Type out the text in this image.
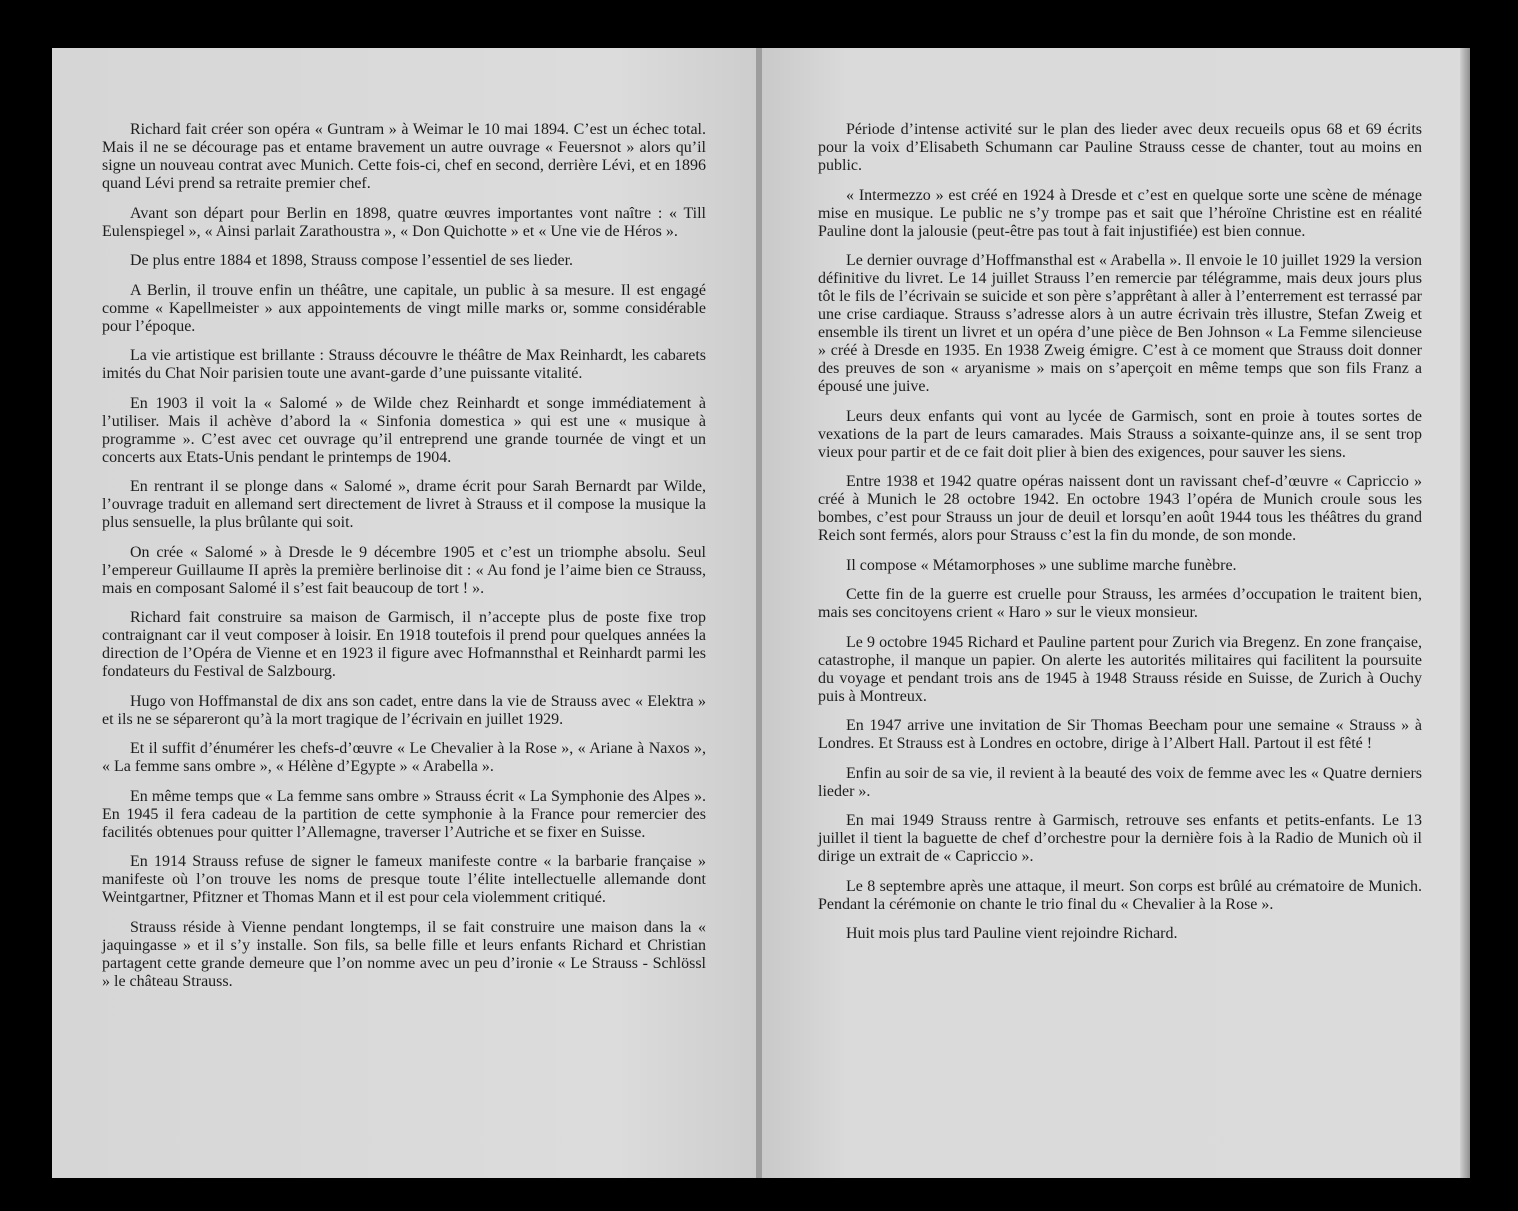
Richard fait créer son opéra « Guntram » à Weimar le 10 mai 1894. C’est un échec total. Mais il ne se décourage pas et entame bravement un autre ouvrage « Feuersnot » alors qu’il signe un nouveau contrat avec Munich. Cette fois-ci, chef en second, derrière Lévi, et en 1896 quand Lévi prend sa retraite premier chef.

Avant son départ pour Berlin en 1898, quatre œuvres importantes vont naître : « Till Eulenspiegel », « Ainsi parlait Zarathoustra », « Don Quichotte » et « Une vie de Héros ».

De plus entre 1884 et 1898, Strauss compose l’essentiel de ses lieder.

A Berlin, il trouve enfin un théâtre, une capitale, un public à sa mesure. Il est engagé comme « Kapellmeister » aux appointements de vingt mille marks or, somme considérable pour l’époque.

La vie artistique est brillante : Strauss découvre le théâtre de Max Reinhardt, les cabarets imités du Chat Noir parisien toute une avant-garde d’une puissante vitalité.

En 1903 il voit la « Salomé » de Wilde chez Reinhardt et songe immédiatement à l’utiliser. Mais il achève d’abord la « Sinfonia domestica » qui est une « musique à programme ». C’est avec cet ouvrage qu’il entreprend une grande tournée de vingt et un concerts aux Etats-Unis pendant le printemps de 1904.

En rentrant il se plonge dans « Salomé », drame écrit pour Sarah Bernardt par Wilde, l’ouvrage traduit en allemand sert directement de livret à Strauss et il compose la musique la plus sensuelle, la plus brûlante qui soit.

On crée « Salomé » à Dresde le 9 décembre 1905 et c’est un triomphe absolu. Seul l’empereur Guillaume II après la première berlinoise dit : « Au fond je l’aime bien ce Strauss, mais en composant Salomé il s’est fait beaucoup de tort ! ».

Richard fait construire sa maison de Garmisch, il n’accepte plus de poste fixe trop contraignant car il veut composer à loisir. En 1918 toutefois il prend pour quelques années la direction de l’Opéra de Vienne et en 1923 il figure avec Hofmannsthal et Reinhardt parmi les fondateurs du Festival de Salzbourg.

Hugo von Hoffmanstal de dix ans son cadet, entre dans la vie de Strauss avec « Elektra » et ils ne se sépareront qu’à la mort tragique de l’écrivain en juillet 1929.

Et il suffit d’énumérer les chefs-d’œuvre « Le Chevalier à la Rose », « Ariane à Naxos », « La femme sans ombre », « Hélène d’Egypte » « Arabella ».

En même temps que « La femme sans ombre » Strauss écrit « La Symphonie des Alpes ». En 1945 il fera cadeau de la partition de cette symphonie à la France pour remercier des facilités obtenues pour quitter l’Allemagne, traverser l’Autriche et se fixer en Suisse.

En 1914 Strauss refuse de signer le fameux manifeste contre « la barbarie française » manifeste où l’on trouve les noms de presque toute l’élite intellectuelle allemande dont Weintgartner, Pfitzner et Thomas Mann et il est pour cela violemment critiqué.

Strauss réside à Vienne pendant longtemps, il se fait construire une maison dans la « jaquingasse » et il s’y installe. Son fils, sa belle fille et leurs enfants Richard et Christian partagent cette grande demeure que l’on nomme avec un peu d’ironie « Le Strauss - Schlössl » le château Strauss.

Période d’intense activité sur le plan des lieder avec deux recueils opus 68 et 69 écrits pour la voix d’Elisabeth Schumann car Pauline Strauss cesse de chanter, tout au moins en public.

« Intermezzo » est créé en 1924 à Dresde et c’est en quelque sorte une scène de ménage mise en musique. Le public ne s’y trompe pas et sait que l’héroïne Christine est en réalité Pauline dont la jalousie (peut-être pas tout à fait injustifiée) est bien connue.

Le dernier ouvrage d’Hoffmansthal est « Arabella ». Il envoie le 10 juillet 1929 la version définitive du livret. Le 14 juillet Strauss l’en remercie par télégramme, mais deux jours plus tôt le fils de l’écrivain se suicide et son père s’apprêtant à aller à l’enterrement est terrassé par une crise cardiaque. Strauss s’adresse alors à un autre écrivain très illustre, Stefan Zweig et ensemble ils tirent un livret et un opéra d’une pièce de Ben Johnson « La Femme silencieuse » créé à Dresde en 1935. En 1938 Zweig émigre. C’est à ce moment que Strauss doit donner des preuves de son « aryanisme » mais on s’aperçoit en même temps que son fils Franz a épousé une juive.

Leurs deux enfants qui vont au lycée de Garmisch, sont en proie à toutes sortes de vexations de la part de leurs camarades. Mais Strauss a soixante-quinze ans, il se sent trop vieux pour partir et de ce fait doit plier à bien des exigences, pour sauver les siens.

Entre 1938 et 1942 quatre opéras naissent dont un ravissant chef-d’œuvre « Capriccio » créé à Munich le 28 octobre 1942. En octobre 1943 l’opéra de Munich croule sous les bombes, c’est pour Strauss un jour de deuil et lorsqu’en août 1944 tous les théâtres du grand Reich sont fermés, alors pour Strauss c’est la fin du monde, de son monde.

Il compose « Métamorphoses » une sublime marche funèbre.

Cette fin de la guerre est cruelle pour Strauss, les armées d’occupation le traitent bien, mais ses concitoyens crient « Haro » sur le vieux monsieur.

Le 9 octobre 1945 Richard et Pauline partent pour Zurich via Bregenz. En zone française, catastrophe, il manque un papier. On alerte les autorités militaires qui facilitent la poursuite du voyage et pendant trois ans de 1945 à 1948 Strauss réside en Suisse, de Zurich à Ouchy puis à Montreux.

En 1947 arrive une invitation de Sir Thomas Beecham pour une semaine « Strauss » à Londres. Et Strauss est à Londres en octobre, dirige à l’Albert Hall. Partout il est fêté !

Enfin au soir de sa vie, il revient à la beauté des voix de femme avec les « Quatre derniers lieder ».

En mai 1949 Strauss rentre à Garmisch, retrouve ses enfants et petits-enfants. Le 13 juillet il tient la baguette de chef d’orchestre pour la dernière fois à la Radio de Munich où il dirige un extrait de « Capriccio ».

Le 8 septembre après une attaque, il meurt. Son corps est brûlé au crématoire de Munich. Pendant la cérémonie on chante le trio final du « Chevalier à la Rose ».

Huit mois plus tard Pauline vient rejoindre Richard.
